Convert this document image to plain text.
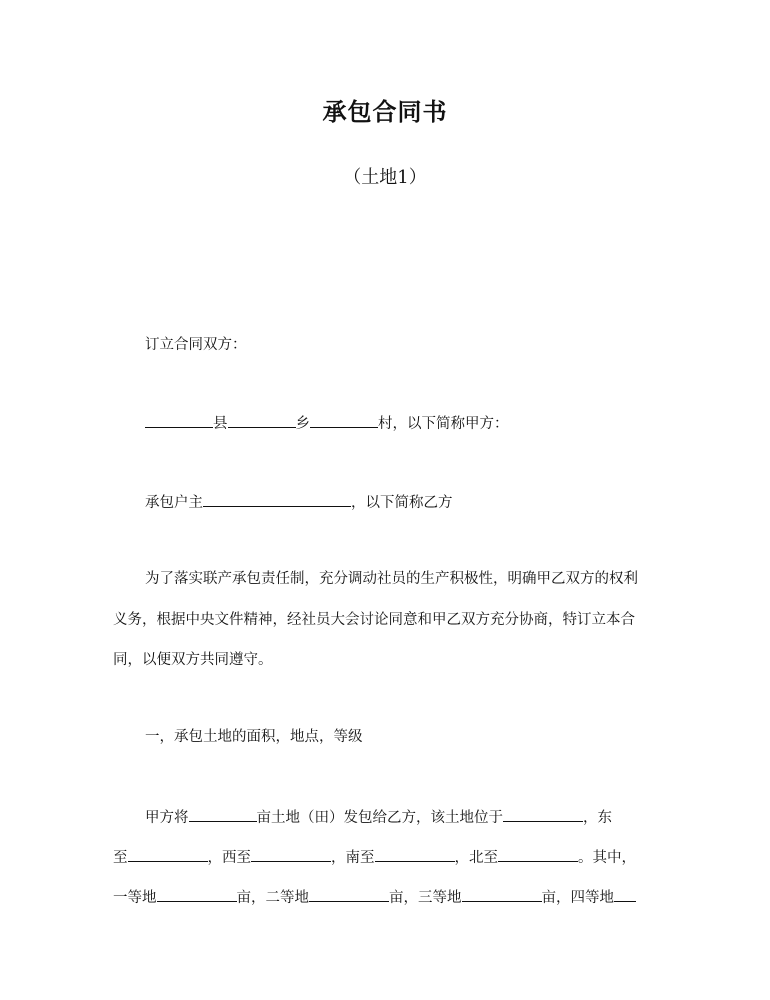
承包合同书

（土地1）

订立合同双方：

县	乡	村，以下简称甲方：

承包户主	，以下简称乙方

为了落实联产承包责任制，充分调动社员的生产积极性，明确甲乙双方的权利

义务，根据中央文件精神，经社员大会讨论同意和甲乙双方充分协商，特订立本合

同，以便双方共同遵守。

一，承包土地的面积，地点，等级

甲方将	亩土地（田）发包给乙方，该土地位于	，东

至	，西至	，南至	，北至	。其中，

一等地	亩，二等地	亩，三等地	亩，四等地
